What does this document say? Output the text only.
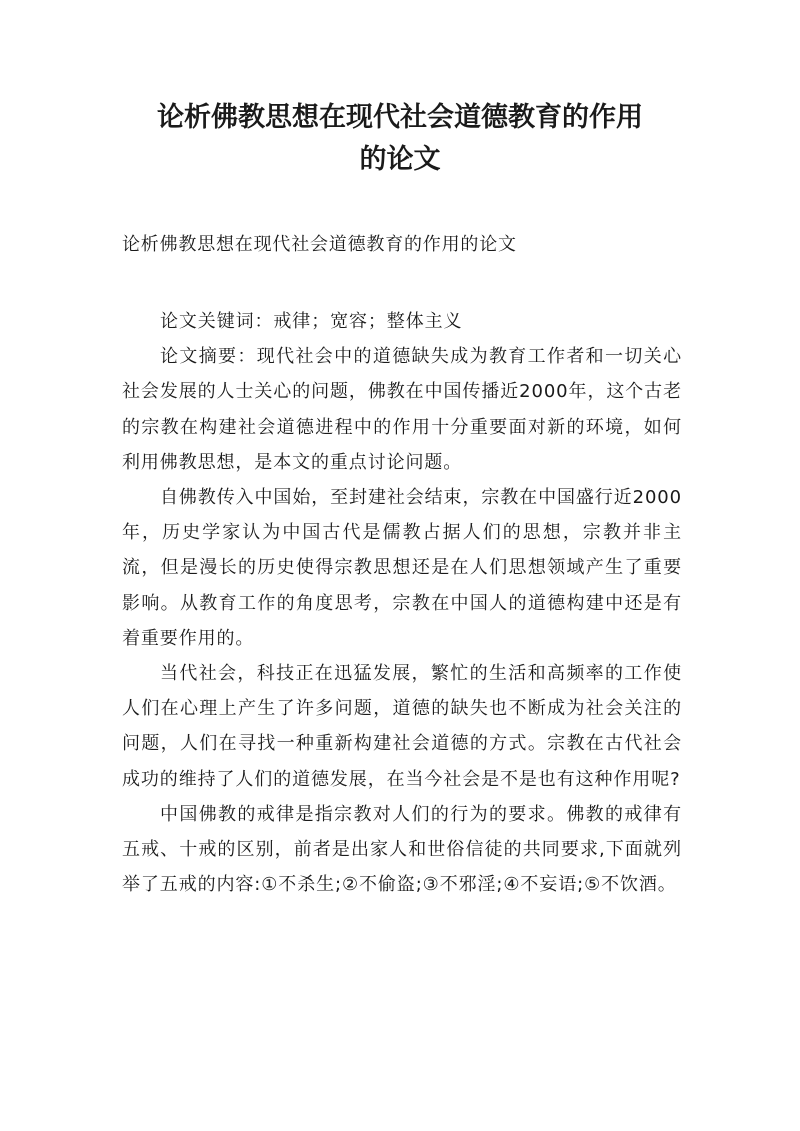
论析佛教思想在现代社会道德教育的作用
的论文

论析佛教思想在现代社会道德教育的作用的论文

论文关键词：戒律；宽容；整体主义

论文摘要：现代社会中的道德缺失成为教育工作者和一切关心社会发展的人士关心的问题，佛教在中国传播近2000年，这个古老的宗教在构建社会道德进程中的作用十分重要面对新的环境，如何利用佛教思想，是本文的重点讨论问题。

自佛教传入中国始，至封建社会结束，宗教在中国盛行近2000年，历史学家认为中国古代是儒教占据人们的思想，宗教并非主流，但是漫长的历史使得宗教思想还是在人们思想领域产生了重要影响。从教育工作的角度思考，宗教在中国人的道德构建中还是有着重要作用的。

当代社会，科技正在迅猛发展，繁忙的生活和高频率的工作使人们在心理上产生了许多问题，道德的缺失也不断成为社会关注的问题，人们在寻找一种重新构建社会道德的方式。宗教在古代社会成功的维持了人们的道德发展，在当今社会是不是也有这种作用呢?

中国佛教的戒律是指宗教对人们的行为的要求。佛教的戒律有五戒、十戒的区别，前者是出家人和世俗信徒的共同要求,下面就列举了五戒的内容:①不杀生;②不偷盗;③不邪淫;④不妄语;⑤不饮酒。
